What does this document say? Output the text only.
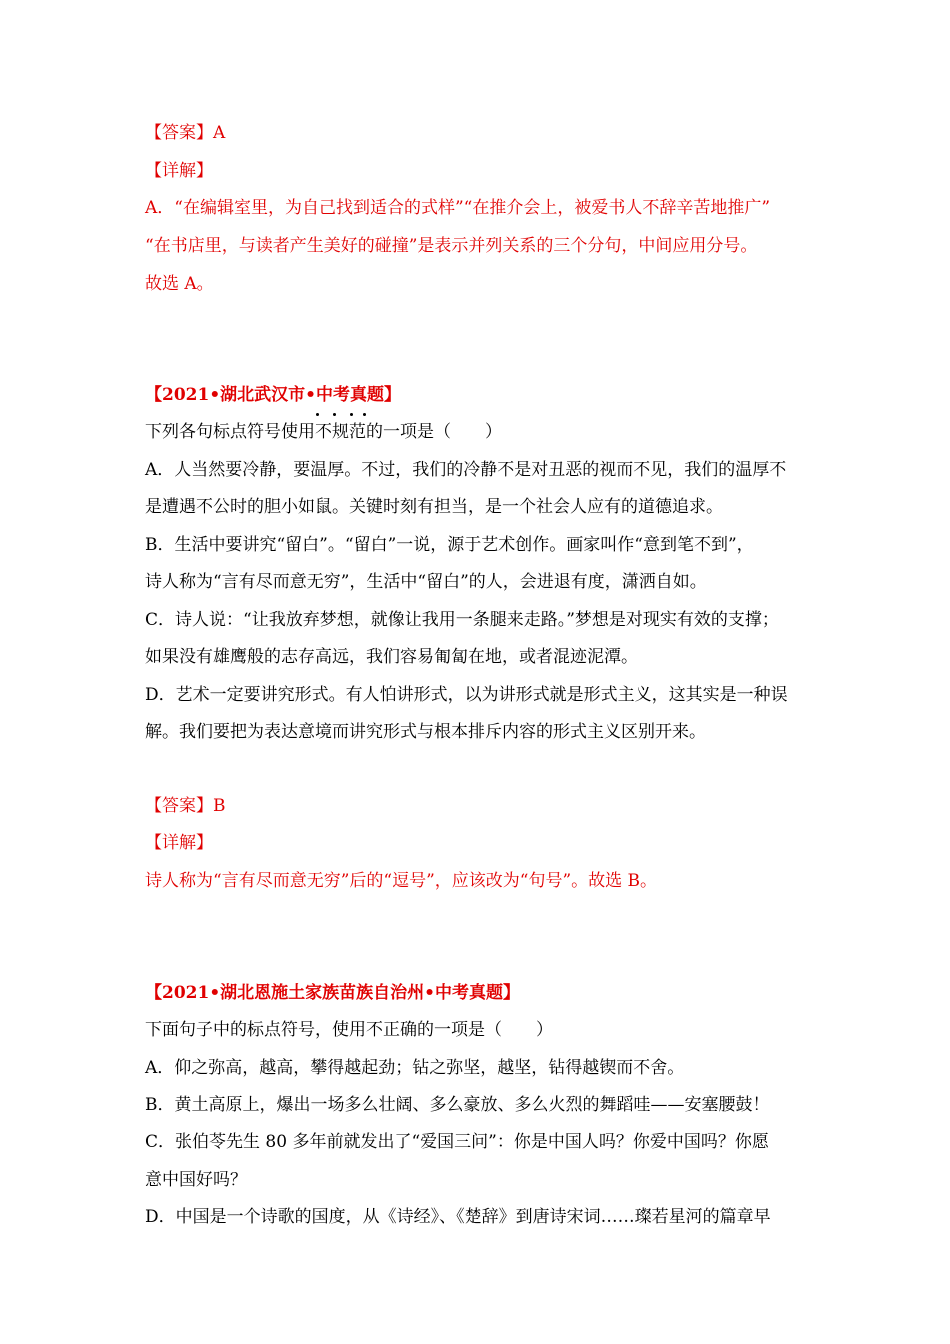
【答案】A
【详解】
A．“在编辑室里，为自己找到适合的式样”“在推介会上，被爱书人不辞辛苦地推广”
“在书店里，与读者产生美好的碰撞”是表示并列关系的三个分句，中间应用分号。
故选 A。
【2021•湖北武汉市•中考真题】
下列各句标点符号使用不规范的一项是（　　）
A．人当然要冷静，要温厚。不过，我们的冷静不是对丑恶的视而不见，我们的温厚不
是遭遇不公时的胆小如鼠。关键时刻有担当，是一个社会人应有的道德追求。
B．生活中要讲究“留白”。“留白”一说，源于艺术创作。画家叫作“意到笔不到”，
诗人称为“言有尽而意无穷”，生活中“留白”的人，会进退有度，潇洒自如。
C．诗人说：“让我放弃梦想，就像让我用一条腿来走路。”梦想是对现实有效的支撑；
如果没有雄鹰般的志存高远，我们容易匍匐在地，或者混迹泥潭。
D．艺术一定要讲究形式。有人怕讲形式，以为讲形式就是形式主义，这其实是一种误
解。我们要把为表达意境而讲究形式与根本排斥内容的形式主义区别开来。
【答案】B
【详解】
诗人称为“言有尽而意无穷”后的“逗号”，应该改为“句号”。故选 B。
【2021•湖北恩施土家族苗族自治州•中考真题】
下面句子中的标点符号，使用不正确的一项是（　　）
A．仰之弥高，越高，攀得越起劲；钻之弥坚，越坚，钻得越锲而不舍。
B．黄土高原上，爆出一场多么壮阔、多么豪放、多么火烈的舞蹈哇——安塞腰鼓！
C．张伯苓先生 80 多年前就发出了“爱国三问”：你是中国人吗？你爱中国吗？你愿
意中国好吗？
D．中国是一个诗歌的国度，从《诗经》、《楚辞》到唐诗宋词……璨若星河的篇章早
